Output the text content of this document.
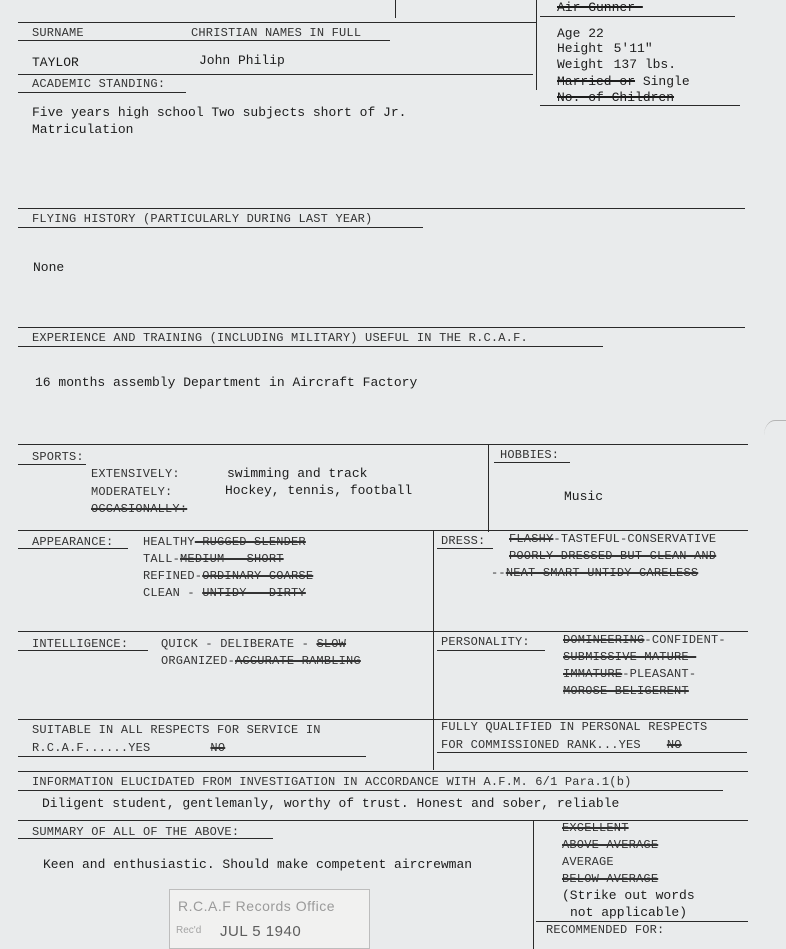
Air-Gunner-
SURNAME	CHRISTIAN NAMES IN FULL
TAYLOR	John Philip
Age 22
Height 5'11"
Weight 137 lbs.
Married-or Single
No.-of-Children
ACADEMIC STANDING:
Five years high school Two subjects short of Jr.
Matriculation
FLYING HISTORY (PARTICULARLY DURING LAST YEAR)
None
EXPERIENCE AND TRAINING (INCLUDING MILITARY) USEFUL IN THE R.C.A.F.
16 months assembly Department in Aircraft Factory
SPORTS:
EXTENSIVELY:	swimming and track
MODERATELY:	Hockey, tennis, football
OCCASIONALLY:
HOBBIES:
Music
APPEARANCE: HEALTHY-RUGGED-SLENDER
TALL-MEDIUM---SHORT
REFINED-ORDINARY-COARSE
CLEAN - UNTIDY---DIRTY
DRESS: FLASHY-TASTEFUL-CONSERVATIVE
POORLY-DRESSED-BUT-CLEAN-AND
--NEAT-SMART-UNTIDY-CARELESS
INTELLIGENCE:	QUICK - DELIBERATE - SLOW
ORGANIZED-ACCURATE-RAMBLING
PERSONALITY:	DOMINEERING-CONFIDENT-
SUBMISSIVE-MATURE-
IMMATURE-PLEASANT-
MOROSE-BELIGERENT
SUITABLE IN ALL RESPECTS FOR SERVICE IN
R.C.A.F......YES	NO
FULLY QUALIFIED IN PERSONAL RESPECTS
FOR COMMISSIONED RANK...YES NO
INFORMATION ELUCIDATED FROM INVESTIGATION IN ACCORDANCE WITH A.F.M. 6/1 Para.1(b)
Diligent student, gentlemanly, worthy of trust. Honest and sober, reliable
SUMMARY OF ALL OF THE ABOVE:
Keen and enthusiastic. Should make competent aircrewman
EXCELLENT
ABOVE-AVERAGE
AVERAGE
BELOW-AVERAGE
(Strike out words
not applicable)
RECOMMENDED FOR:
R.C.A.F Records Office
Rec'd JUL 5 1940
